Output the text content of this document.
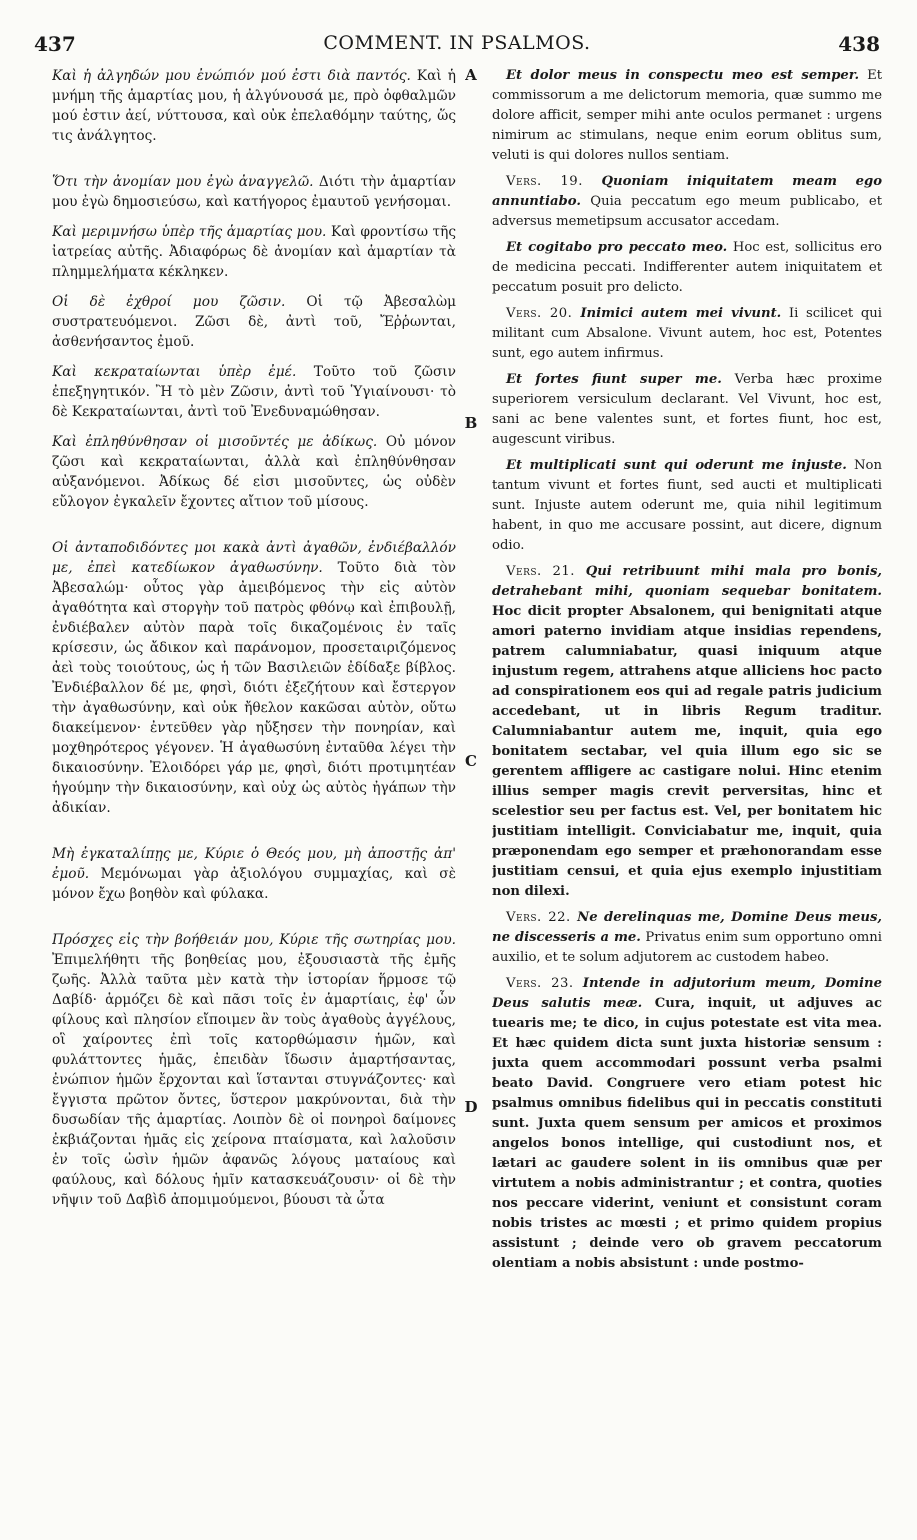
437	COMMENT. IN PSALMOS.	438
A
B
C
D

Καὶ ἡ ἀλγηδών μου ἐνώπιόν μού ἐστι διὰ παντός. Καὶ ἡ μνήμη τῆς ἁμαρτίας μου, ἡ ἀλγύνουσά με, πρὸ ὀφθαλμῶν μού ἐστιν ἀεί, νύττουσα, καὶ οὐκ ἐπελαθόμην ταύτης, ὥς τις ἀνάλγητος.

Ὅτι τὴν ἀνομίαν μου ἐγὼ ἀναγγελῶ. Διότι τὴν ἁμαρτίαν μου ἐγὼ δημοσιεύσω, καὶ κατήγορος ἐμαυτοῦ γενήσομαι.

Καὶ μεριμνήσω ὑπὲρ τῆς ἁμαρτίας μου. Καὶ φροντίσω τῆς ἰατρείας αὐτῆς. Ἀδιαφόρως δὲ ἀνομίαν καὶ ἁμαρτίαν τὰ πλημμελήματα κέκληκεν.

Οἱ δὲ ἐχθροί μου ζῶσιν. Οἱ τῷ Ἀβεσαλὼμ συστρατευόμενοι. Ζῶσι δὲ, ἀντὶ τοῦ, Ἔῤῥωνται, ἀσθενήσαντος ἐμοῦ.

Καὶ κεκραταίωνται ὑπὲρ ἐμέ. Τοῦτο τοῦ ζῶσιν ἐπεξηγητικόν. Ἢ τὸ μὲν Ζῶσιν, ἀντὶ τοῦ Ὑγιαίνουσι· τὸ δὲ Κεκραταίωνται, ἀντὶ τοῦ Ἐνεδυναμώθησαν.

Καὶ ἐπληθύνθησαν οἱ μισοῦντές με ἀδίκως. Οὐ μόνον ζῶσι καὶ κεκραταίωνται, ἀλλὰ καὶ ἐπληθύνθησαν αὐξανόμενοι. Ἀδίκως δέ εἰσι μισοῦντες, ὡς οὐδὲν εὔλογον ἐγκαλεῖν ἔχοντες αἴτιον τοῦ μίσους.

Οἱ ἀνταποδιδόντες μοι κακὰ ἀντὶ ἀγαθῶν, ἐνδιέβαλλόν με, ἐπεὶ κατεδίωκον ἀγαθωσύνην. Τοῦτο διὰ τὸν Ἀβεσαλώμ· οὗτος γὰρ ἀμειβόμενος τὴν εἰς αὐτὸν ἀγαθότητα καὶ στοργὴν τοῦ πατρὸς φθόνῳ καὶ ἐπιβουλῇ, ἐνδιέβαλεν αὐτὸν παρὰ τοῖς δικαζομένοις ἐν ταῖς κρίσεσιν, ὡς ἄδικον καὶ παράνομον, προσεταιριζόμενος ἀεὶ τοὺς τοιούτους, ὡς ἡ τῶν Βασιλειῶν ἐδίδαξε βίβλος. Ἐνδιέβαλλον δέ με, φησὶ, διότι ἐξεζήτουν καὶ ἔστεργον τὴν ἀγαθωσύνην, καὶ οὐκ ἤθελον κακῶσαι αὐτὸν, οὕτω διακείμενον· ἐντεῦθεν γὰρ ηὔξησεν τὴν πονηρίαν, καὶ μοχθηρότερος γέγονεν. Ἡ ἀγαθωσύνη ἐνταῦθα λέγει τὴν δικαιοσύνην. Ἐλοιδόρει γάρ με, φησὶ, διότι προτιμητέαν ἡγούμην τὴν δικαιοσύνην, καὶ οὐχ ὡς αὐτὸς ἠγάπων τὴν ἀδικίαν.

Μὴ ἐγκαταλίπῃς με, Κύριε ὁ Θεός μου, μὴ ἀποστῇς ἀπ' ἐμοῦ. Μεμόνωμαι γὰρ ἀξιολόγου συμμαχίας, καὶ σὲ μόνον ἔχω βοηθὸν καὶ φύλακα.

Πρόσχες εἰς τὴν βοήθειάν μου, Κύριε τῆς σωτηρίας μου. Ἐπιμελήθητι τῆς βοηθείας μου, ἐξουσιαστὰ τῆς ἐμῆς ζωῆς. Ἀλλὰ ταῦτα μὲν κατὰ τὴν ἱστορίαν ἥρμοσε τῷ Δαβίδ· ἁρμόζει δὲ καὶ πᾶσι τοῖς ἐν ἁμαρτίαις, ἐφ' ὧν φίλους καὶ πλησίον εἴποιμεν ἂν τοὺς ἀγαθοὺς ἀγγέλους, οἳ χαίροντες ἐπὶ τοῖς κατορθώμασιν ἡμῶν, καὶ φυλάττοντες ἡμᾶς, ἐπειδὰν ἴδωσιν ἁμαρτήσαντας, ἐνώπιον ἡμῶν ἔρχονται καὶ ἵστανται στυγνάζοντες· καὶ ἔγγιστα πρῶτον ὄντες, ὕστερον μακρύνονται, διὰ τὴν δυσωδίαν τῆς ἁμαρτίας. Λοιπὸν δὲ οἱ πονηροὶ δαίμονες ἐκβιάζονται ἡμᾶς εἰς χείρονα πταίσματα, καὶ λαλοῦσιν ἐν τοῖς ὠσὶν ἡμῶν ἀφανῶς λόγους ματαίους καὶ φαύλους, καὶ δόλους ἡμῖν κατασκευάζουσιν· οἱ δὲ τὴν νῆψιν τοῦ Δαβὶδ ἀπομιμούμενοι, βύουσι τὰ ὦτα

Et dolor meus in conspectu meo est semper. Et commissorum a me delictorum memoria, quæ summo me dolore afficit, semper mihi ante oculos permanet : urgens nimirum ac stimulans, neque enim eorum oblitus sum, veluti is qui dolores nullos sentiam.

Vers. 19. Quoniam iniquitatem meam ego annuntiabo. Quia peccatum ego meum publicabo, et adversus memetipsum accusator accedam.

Et cogitabo pro peccato meo. Hoc est, sollicitus ero de medicina peccati. Indifferenter autem iniquitatem et peccatum posuit pro delicto.

Vers. 20. Inimici autem mei vivunt. Ii scilicet qui militant cum Absalone. Vivunt autem, hoc est, Potentes sunt, ego autem infirmus.

Et fortes fiunt super me. Verba hæc proxime superiorem versiculum declarant. Vel Vivunt, hoc est, sani ac bene valentes sunt, et fortes fiunt, hoc est, augescunt viribus.

Et multiplicati sunt qui oderunt me injuste. Non tantum vivunt et fortes fiunt, sed aucti et multiplicati sunt. Injuste autem oderunt me, quia nihil legitimum habent, in quo me accusare possint, aut dicere, dignum odio.

Vers. 21. Qui retribuunt mihi mala pro bonis, detrahebant mihi, quoniam sequebar bonitatem. Hoc dicit propter Absalonem, qui benignitati atque amori paterno invidiam atque insidias rependens, patrem calumniabatur, quasi iniquum atque injustum regem, attrahens atque alliciens hoc pacto ad conspirationem eos qui ad regale patris judicium accedebant, ut in libris Regum traditur. Calumniabantur autem me, inquit, quia ego bonitatem sectabar, vel quia illum ego sic se gerentem affligere ac castigare nolui. Hinc etenim illius semper magis crevit perversitas, hinc et scelestior seu per factus est. Vel, per bonitatem hic justitiam intelligit. Conviciabatur me, inquit, quia præponendam ego semper et præhonorandam esse justitiam censui, et quia ejus exemplo injustitiam non dilexi.

Vers. 22. Ne derelinquas me, Domine Deus meus, ne discesseris a me. Privatus enim sum opportuno omni auxilio, et te solum adjutorem ac custodem habeo.

Vers. 23. Intende in adjutorium meum, Domine Deus salutis meæ. Cura, inquit, ut adjuves ac tuearis me; te dico, in cujus potestate est vita mea. Et hæc quidem dicta sunt juxta historiæ sensum : juxta quem accommodari possunt verba psalmi beato David. Congruere vero etiam potest hic psalmus omnibus fidelibus qui in peccatis constituti sunt. Juxta quem sensum per amicos et proximos angelos bonos intellige, qui custodiunt nos, et lætari ac gaudere solent in iis omnibus quæ per virtutem a nobis administrantur ; et contra, quoties nos peccare viderint, veniunt et consistunt coram nobis tristes ac mœsti ; et primo quidem propius assistunt ; deinde vero ob gravem peccatorum olentiam a nobis absistunt : unde postmo-
